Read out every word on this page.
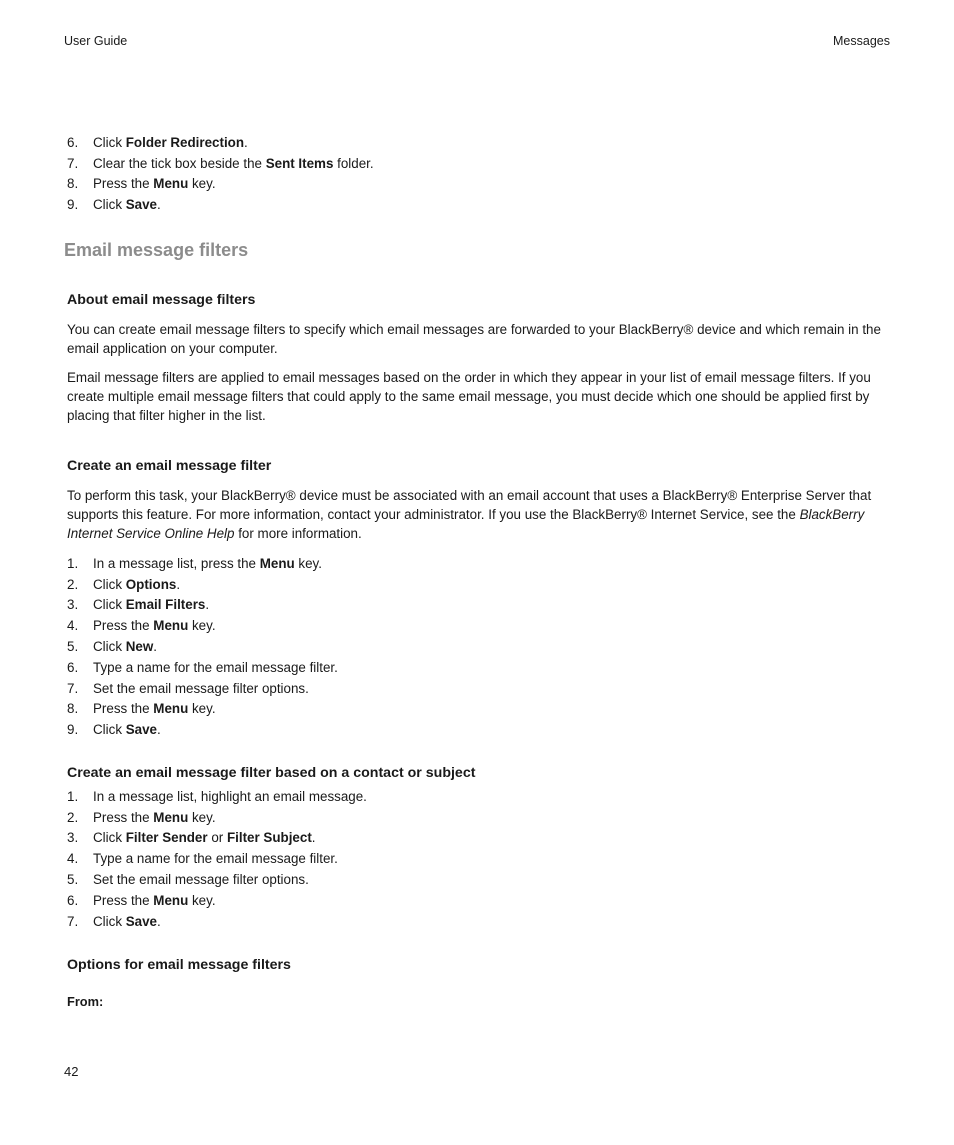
User Guide	Messages
6.	Click Folder Redirection.
7.	Clear the tick box beside the Sent Items folder.
8.	Press the Menu key.
9.	Click Save.
Email message filters
About email message filters

You can create email message filters to specify which email messages are forwarded to your BlackBerry® device and which remain in the email application on your computer.

Email message filters are applied to email messages based on the order in which they appear in your list of email message filters. If you create multiple email message filters that could apply to the same email message, you must decide which one should be applied first by placing that filter higher in the list.

Create an email message filter

To perform this task, your BlackBerry® device must be associated with an email account that uses a BlackBerry® Enterprise Server that supports this feature. For more information, contact your administrator. If you use the BlackBerry® Internet Service, see the BlackBerry Internet Service Online Help for more information.

1.	In a message list, press the Menu key.
2.	Click Options.
3.	Click Email Filters.
4.	Press the Menu key.
5.	Click New.
6.	Type a name for the email message filter.
7.	Set the email message filter options.
8.	Press the Menu key.
9.	Click Save.
Create an email message filter based on a contact or subject
1.	In a message list, highlight an email message.
2.	Press the Menu key.
3.	Click Filter Sender or Filter Subject.
4.	Type a name for the email message filter.
5.	Set the email message filter options.
6.	Press the Menu key.
7.	Click Save.
Options for email message filters
From:
42
